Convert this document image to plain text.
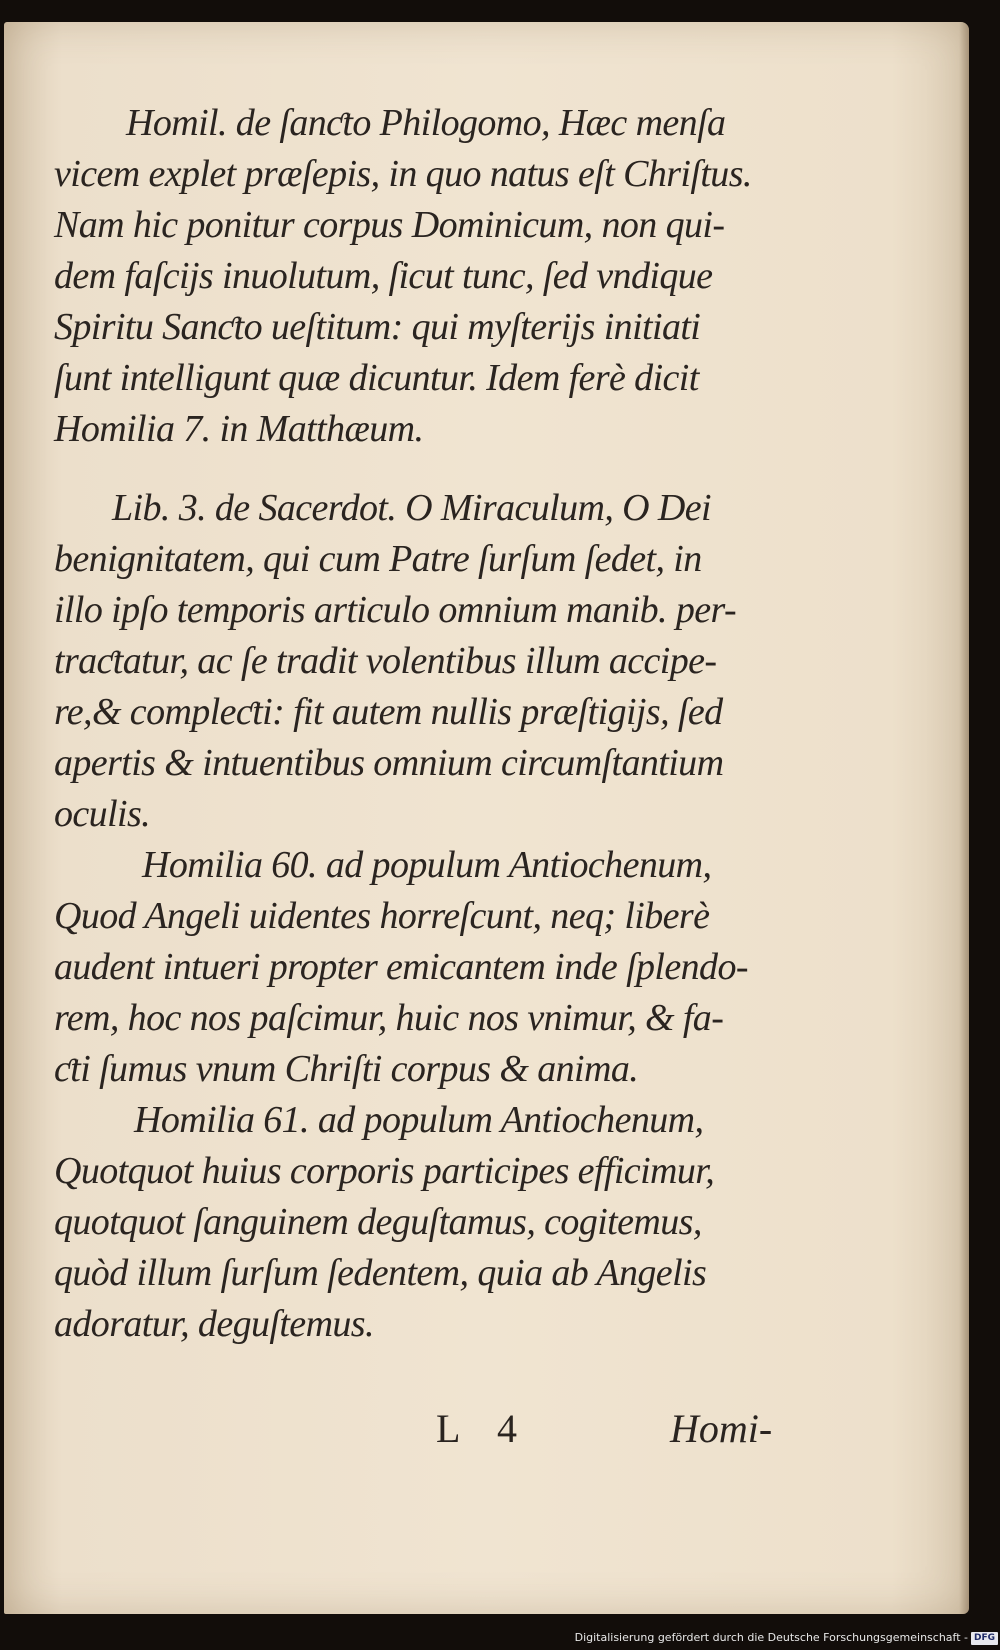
Homil. de ſanƈto Philogomo, Hæc menſa

vicem explet præſepis, in quo natus eſt Chriſtus.

Nam hic ponitur corpus Dominicum, non qui-

dem faſcijs inuolutum, ſicut tunc, ſed vndique

Spiritu Sanƈto ueſtitum: qui myſterijs initiati

ſunt intelligunt quæ dicuntur. Idem ferè dicit

Homilia 7. in Matthæum.

Lib. 3. de Sacerdot. O Miraculum, O Dei

benignitatem, qui cum Patre ſurſum ſedet, in

illo ipſo temporis articulo omnium manib. per-

traƈtatur, ac ſe tradit volentibus illum accipe-

re,& compleƈti: fit autem nullis præſtigijs, ſed

apertis & intuentibus omnium circumſtantium

oculis.

Homilia 60. ad populum Antiochenum,

Quod Angeli uidentes horreſcunt, neq; liberè

audent intueri propter emicantem inde ſplendo-

rem, hoc nos paſcimur, huic nos vnimur, & fa-

ƈti ſumus vnum Chriſti corpus & anima.

Homilia 61. ad populum Antiochenum,

Quotquot huius corporis participes efficimur,

quotquot ſanguinem deguſtamus, cogitemus,

quòd illum ſurſum ſedentem, quia ab Angelis

adoratur, deguſtemus.

L 4	Homi-
Digitalisierung gefördert durch die Deutsche Forschungsgemeinschaft - DFG
